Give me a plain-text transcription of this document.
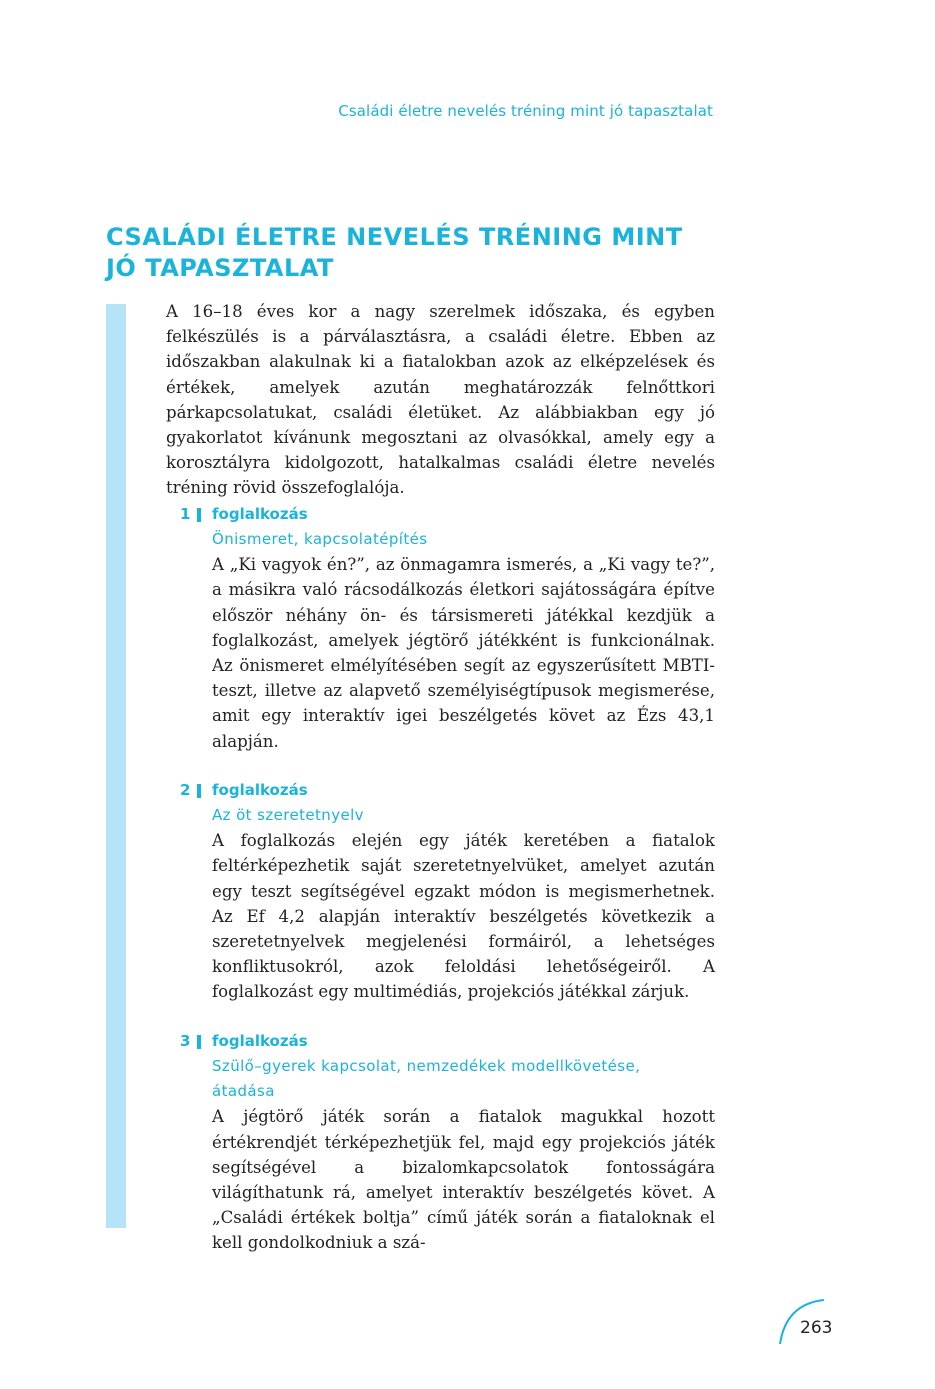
Családi életre nevelés tréning mint jó tapasztalat
CSALÁDI ÉLETRE NEVELÉS TRÉNING MINT
JÓ TAPASZTALAT

A 16–18 éves kor a nagy szerelmek időszaka, és egyben felkészülés is a párválasztásra, a családi életre. Ebben az időszakban alakulnak ki a fiatalokban azok az elképzelések és értékek, amelyek azután meghatározzák felnőttkori párkapcsolatukat, családi életüket. Az alábbiakban egy jó gyakorlatot kívánunk megosztani az olvasókkal, amely egy a korosztályra kidolgozott, hatalkalmas családi életre nevelés tréning rövid összefoglalója.

1 foglalkozás

Önismeret, kapcsolatépítés

A „Ki vagyok én?”, az önmagamra ismerés, a „Ki vagy te?”, a másikra való rácsodálkozás életkori sajátosságára építve először néhány ön- és társismereti játékkal kezdjük a foglalkozást, amelyek jégtörő játékként is funkcionálnak. Az önismeret elmélyítésében segít az egyszerűsített MBTI-teszt, illetve az alapvető személyiségtípusok megismerése, amit egy interaktív igei beszélgetés követ az Ézs 43,1 alapján.

2 foglalkozás

Az öt szeretetnyelv

A foglalkozás elején egy játék keretében a fiatalok feltérképezhetik saját szeretetnyelvüket, amelyet azután egy teszt segítségével egzakt módon is megismerhetnek. Az Ef 4,2 alapján interaktív beszélgetés következik a szeretetnyelvek megjelenési formáiról, a lehetséges konfliktusokról, azok feloldási lehetőségeiről. A foglalkozást egy multimédiás, projekciós játékkal zárjuk.

3 foglalkozás

Szülő–gyerek kapcsolat, nemzedékek modellkövetése,
átadása

A jégtörő játék során a fiatalok magukkal hozott értékrendjét térképezhetjük fel, majd egy projekciós játék segítségével a bizalomkapcsolatok fontosságára világíthatunk rá, amelyet interaktív beszélgetés követ. A „Családi értékek boltja” című játék során a fiataloknak el kell gondolkodniuk a szá-

263
